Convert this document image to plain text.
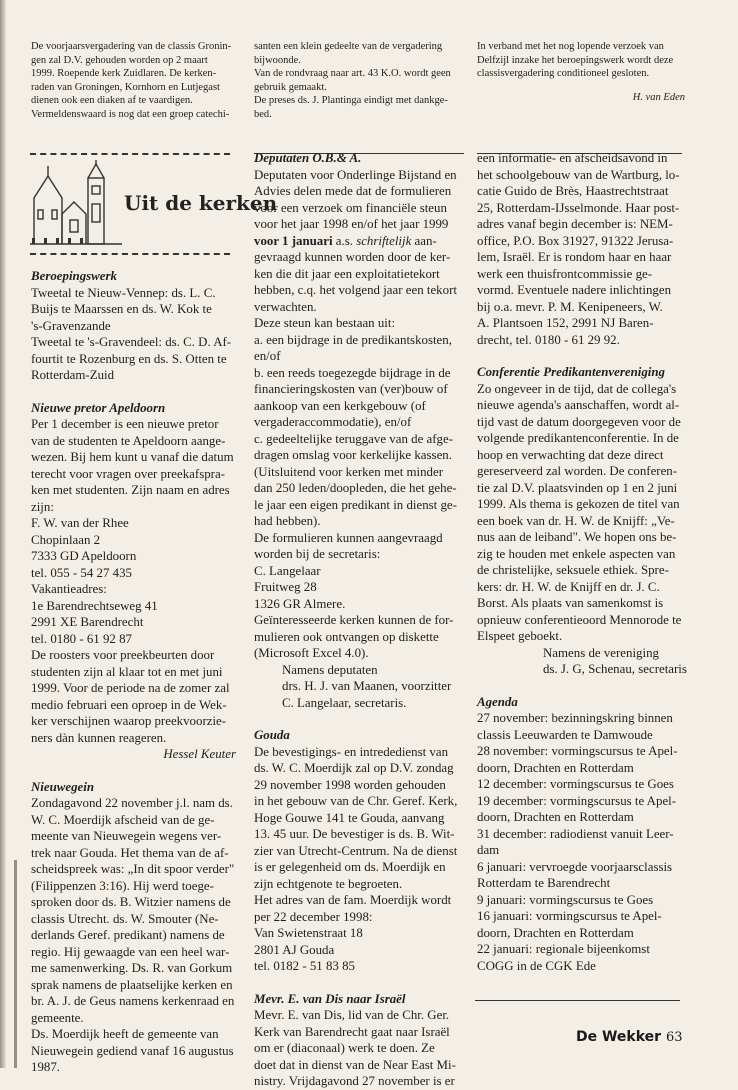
De voorjaarsvergadering van de classis Gronin-

gen zal D.V. gehouden worden op 2 maart

1999. Roepende kerk Zuidlaren. De kerken-

raden van Groningen, Kornhorn en Lutjegast

dienen ook een diaken af te vaardigen.

Vermeldenswaard is nog dat een groep catechi-

santen een klein gedeelte van de vergadering

bijwoonde.

Van de rondvraag naar art. 43 K.O. wordt geen

gebruik gemaakt.

De preses ds. J. Plantinga eindigt met dankge-

bed.

In verband met het nog lopende verzoek van

Delfzijl inzake het beroepingswerk wordt deze

classisvergadering conditioneel gesloten.

H. van Eden

Uit de kerken

Beroepingswerk

Tweetal te Nieuw-Vennep: ds. L. C.

Buijs te Maarssen en ds. W. Kok te

's-Gravenzande

Tweetal te 's-Gravendeel: ds. C. D. Af-

fourtit te Rozenburg en ds. S. Otten te

Rotterdam-Zuid

Nieuwe pretor Apeldoorn

Per 1 december is een nieuwe pretor

van de studenten te Apeldoorn aange-

wezen. Bij hem kunt u vanaf die datum

terecht voor vragen over preekafspra-

ken met studenten. Zijn naam en adres

zijn:

F. W. van der Rhee

Chopinlaan 2

7333 GD Apeldoorn

tel. 055 - 54 27 435

Vakantieadres:

1e Barendrechtseweg 41

2991 XE Barendrecht

tel. 0180 - 61 92 87

De roosters voor preekbeurten door

studenten zijn al klaar tot en met juni

1999. Voor de periode na de zomer zal

medio februari een oproep in de Wek-

ker verschijnen waarop preekvoorzie-

ners dàn kunnen reageren.

Hessel Keuter

Nieuwegein

Zondagavond 22 november j.l. nam ds.

W. C. Moerdijk afscheid van de ge-

meente van Nieuwegein wegens ver-

trek naar Gouda. Het thema van de af-

scheidspreek was: „In dit spoor verder"

(Filippenzen 3:16). Hij werd toege-

sproken door ds. B. Witzier namens de

classis Utrecht. ds. W. Smouter (Ne-

derlands Geref. predikant) namens de

regio. Hij gewaagde van een heel war-

me samenwerking. Ds. R. van Gorkum

sprak namens de plaatselijke kerken en

br. A. J. de Geus namens kerkenraad en

gemeente.

Ds. Moerdijk heeft de gemeente van

Nieuwegein gediend vanaf 16 augustus

1987.

Deputaten O.B.& A.

Deputaten voor Onderlinge Bijstand en

Advies delen mede dat de formulieren

voor een verzoek om financiële steun

voor het jaar 1998 en/of het jaar 1999

voor 1 januari a.s. schriftelijk aan-

gevraagd kunnen worden door de ker-

ken die dit jaar een exploitatietekort

hebben, c.q. het volgend jaar een tekort

verwachten.

Deze steun kan bestaan uit:

a. een bijdrage in de predikantskosten,

en/of

b. een reeds toegezegde bijdrage in de

financieringskosten van (ver)bouw of

aankoop van een kerkgebouw (of

vergaderaccommodatie), en/of

c. gedeeltelijke teruggave van de afge-

dragen omslag voor kerkelijke kassen.

(Uitsluitend voor kerken met minder

dan 250 leden/doopleden, die het gehe-

le jaar een eigen predikant in dienst ge-

had hebben).

De formulieren kunnen aangevraagd

worden bij de secretaris:

C. Langelaar

Fruitweg 28

1326 GR Almere.

Geïnteresseerde kerken kunnen de for-

mulieren ook ontvangen op diskette

(Microsoft Excel 4.0).

Namens deputaten

drs. H. J. van Maanen, voorzitter

C. Langelaar, secretaris.

Gouda

De bevestigings- en intrededienst van

ds. W. C. Moerdijk zal op D.V. zondag

29 november 1998 worden gehouden

in het gebouw van de Chr. Geref. Kerk,

Hoge Gouwe 141 te Gouda, aanvang

13. 45 uur. De bevestiger is ds. B. Wit-

zier van Utrecht-Centrum. Na de dienst

is er gelegenheid om ds. Moerdijk en

zijn echtgenote te begroeten.

Het adres van de fam. Moerdijk wordt

per 22 december 1998:

Van Swietenstraat 18

2801 AJ Gouda

tel. 0182 - 51 83 85

Mevr. E. van Dis naar Israël

Mevr. E. van Dis, lid van de Chr. Ger.

Kerk van Barendrecht gaat naar Israël

om er (diaconaal) werk te doen. Ze

doet dat in dienst van de Near East Mi-

nistry. Vrijdagavond 27 november is er

een informatie- en afscheidsavond in

het schoolgebouw van de Wartburg, lo-

catie Guido de Brès, Haastrechtstraat

25, Rotterdam-IJsselmonde. Haar post-

adres vanaf begin december is: NEM-

office, P.O. Box 31927, 91322 Jerusa-

lem, Israël. Er is rondom haar en haar

werk een thuisfrontcommissie ge-

vormd. Eventuele nadere inlichtingen

bij o.a. mevr. P. M. Kenipeneers, W.

A. Plantsoen 152, 2991 NJ Baren-

drecht, tel. 0180 - 61 29 92.

Conferentie Predikantenvereniging

Zo ongeveer in de tijd, dat de collega's

nieuwe agenda's aanschaffen, wordt al-

tijd vast de datum doorgegeven voor de

volgende predikantenconferentie. In de

hoop en verwachting dat deze direct

gereserveerd zal worden. De conferen-

tie zal D.V. plaatsvinden op 1 en 2 juni

1999. Als thema is gekozen de titel van

een boek van dr. H. W. de Knijff: „Ve-

nus aan de leiband". We hopen ons be-

zig te houden met enkele aspecten van

de christelijke, seksuele ethiek. Spre-

kers: dr. H. W. de Knijff en dr. J. C.

Borst. Als plaats van samenkomst is

opnieuw conferentieoord Mennorode te

Elspeet geboekt.

Namens de vereniging

ds. J. G, Schenau, secretaris

Agenda

27 november: bezinningskring binnen

classis Leeuwarden te Damwoude

28 november: vormingscursus te Apel-

doorn, Drachten en Rotterdam

12 december: vormingscursus te Goes

19 december: vormingscursus te Apel-

doorn, Drachten en Rotterdam

31 december: radiodienst vanuit Leer-

dam

6 januari: vervroegde voorjaarsclassis

Rotterdam te Barendrecht

9 januari: vormingscursus te Goes

16 januari: vormingscursus te Apel-

doorn, Drachten en Rotterdam

22 januari: regionale bijeenkomst

COGG in de CGK Ede

De Wekker 63
